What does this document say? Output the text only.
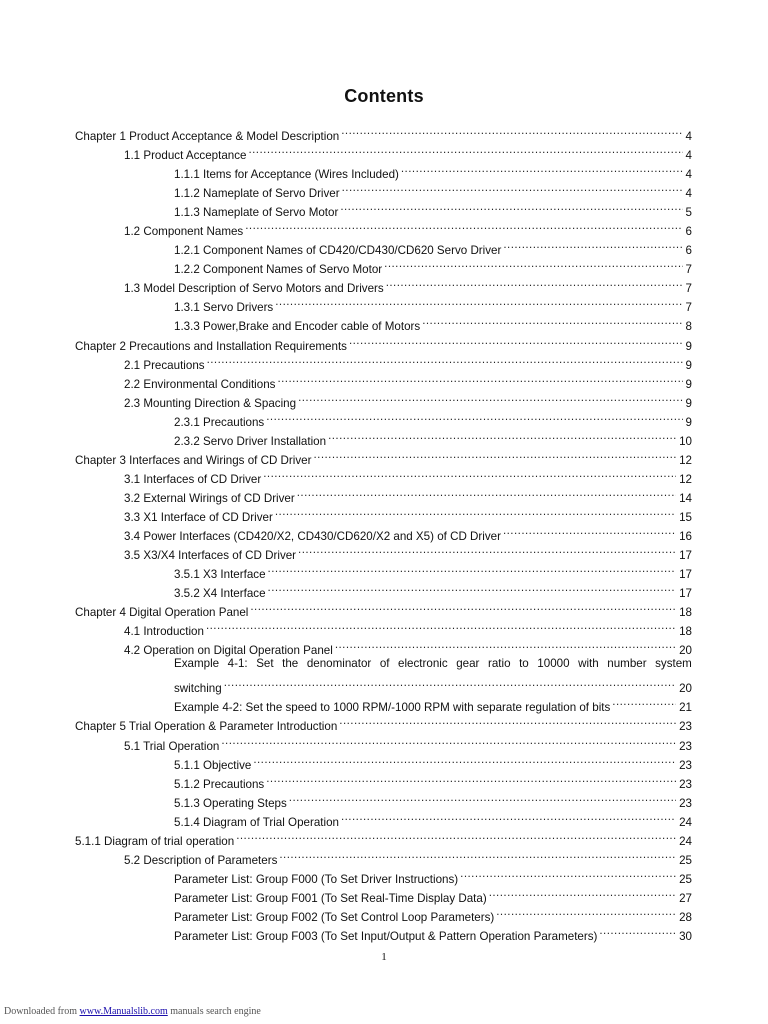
Contents
Chapter 1 Product Acceptance & Model Description .....	4
1.1 Product Acceptance .....	4
1.1.1 Items for Acceptance (Wires Included) .....	4
1.1.2 Nameplate of Servo Driver .....	4
1.1.3 Nameplate of Servo Motor .....	5
1.2 Component Names .....	6
1.2.1 Component Names of CD420/CD430/CD620 Servo Driver .....	6
1.2.2 Component Names of Servo Motor .....	7
1.3 Model Description of Servo Motors and Drivers .....	7
1.3.1 Servo Drivers .....	7
1.3.3 Power,Brake and Encoder cable of Motors .....	8
Chapter 2 Precautions and Installation Requirements .....	9
2.1 Precautions .....	9
2.2 Environmental Conditions .....	9
2.3 Mounting Direction & Spacing .....	9
2.3.1 Precautions .....	9
2.3.2 Servo Driver Installation .....	10
Chapter 3 Interfaces and Wirings of CD Driver .....	12
3.1 Interfaces of CD Driver .....	12
3.2 External Wirings of CD Driver .....	14
3.3 X1 Interface of CD Driver .....	15
3.4 Power Interfaces (CD420/X2, CD430/CD620/X2 and X5) of CD Driver .....	16
3.5 X3/X4 Interfaces of CD Driver .....	17
3.5.1 X3 Interface .....	17
3.5.2 X4 Interface .....	17
Chapter 4 Digital Operation Panel .....	18
4.1 Introduction .....	18
4.2 Operation on Digital Operation Panel .....	20
Example 4-1: Set the denominator of electronic gear ratio to 10000 with number system
switching .....	20
Example 4-2: Set the speed to 1000 RPM/-1000 RPM with separate regulation of bits .....	21
Chapter 5 Trial Operation & Parameter Introduction .....	23
5.1 Trial Operation .....	23
5.1.1 Objective .....	23
5.1.2 Precautions .....	23
5.1.3 Operating Steps .....	23
5.1.4 Diagram of Trial Operation .....	24
5.1.1 Diagram of trial operation .....	24
5.2 Description of Parameters .....	25
Parameter List: Group F000 (To Set Driver Instructions) .....	25
Parameter List: Group F001 (To Set Real-Time Display Data) .....	27
Parameter List: Group F002 (To Set Control Loop Parameters) .....	28
Parameter List: Group F003 (To Set Input/Output & Pattern Operation Parameters) .....	30
1
Downloaded from www.Manualslib.com manuals search engine
